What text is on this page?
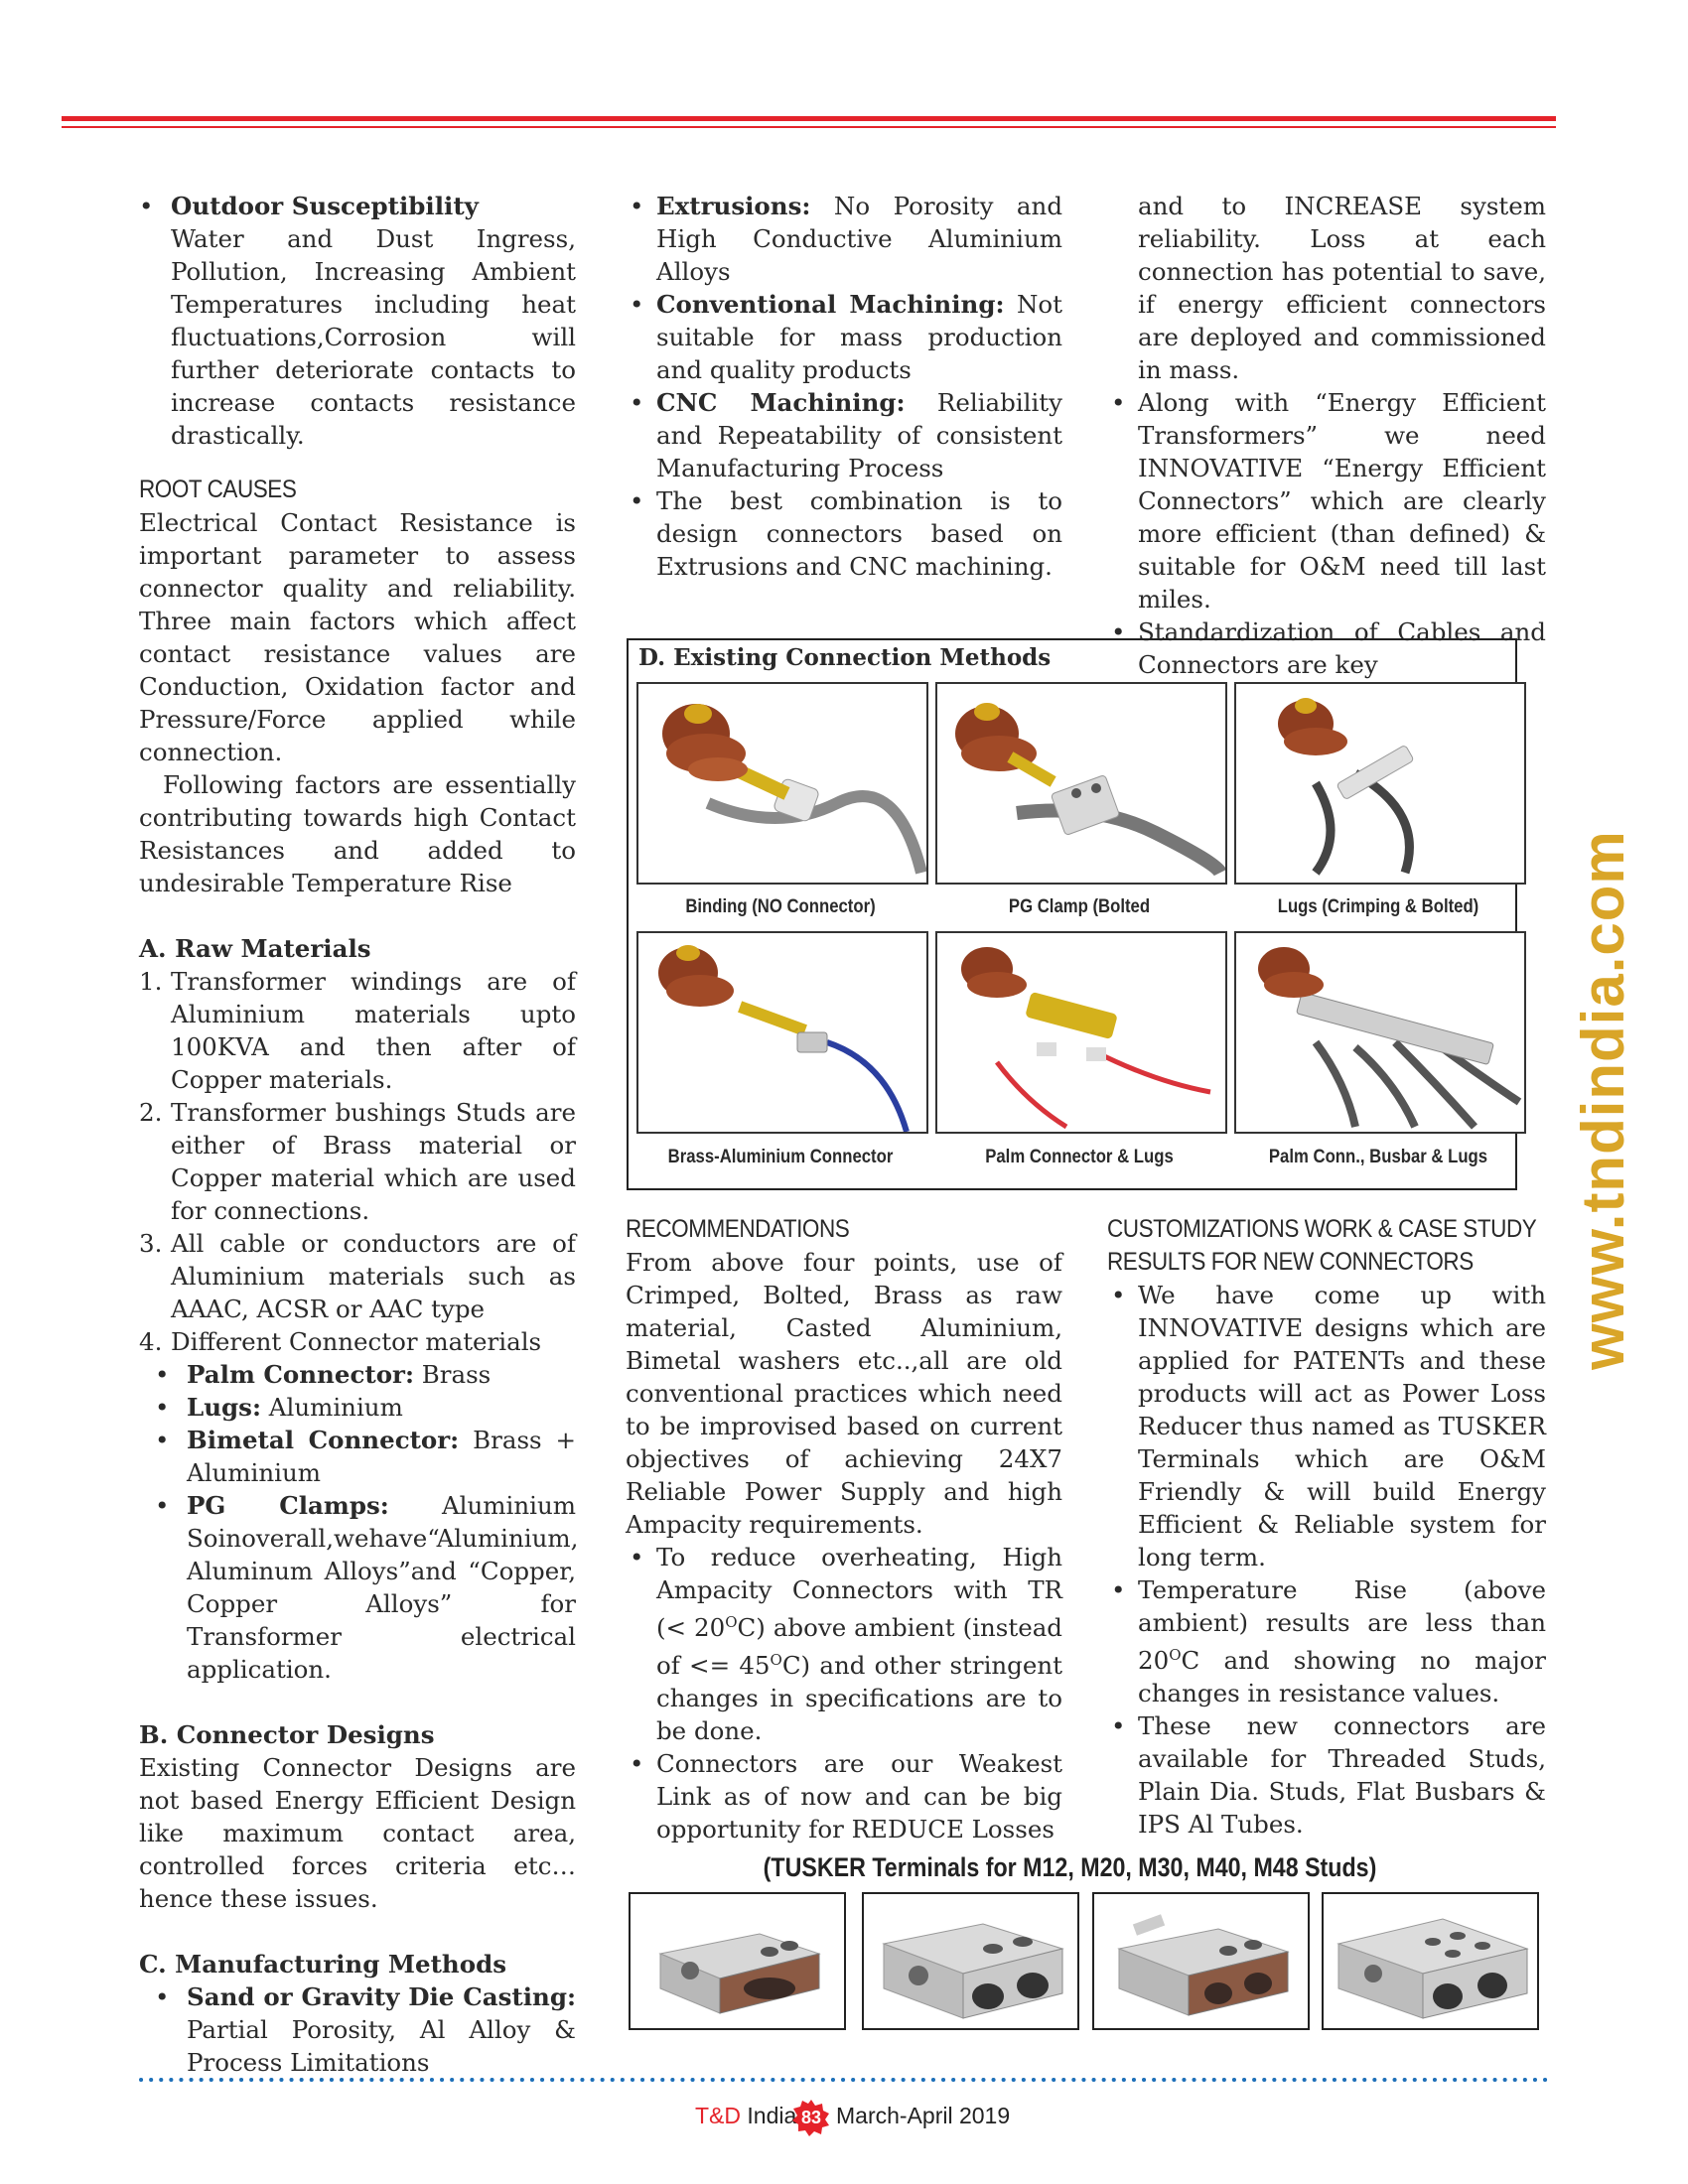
• Outdoor Susceptibility
Water and Dust Ingress, Pollution, Increasing Ambient Temperatures including heat fluctuations,Corrosion will further deteriorate contacts to increase contacts resistance drastically.
ROOT CAUSES

Electrical Contact Resistance is important parameter to assess connector quality and reliability. Three main factors which affect contact resistance values are Conduction, Oxidation factor and Pressure/Force applied while connection.

Following factors are essentially contributing towards high Contact Resistances and added to undesirable Temperature Rise

A. Raw Materials
1. Transformer windings are of Aluminium materials upto 100KVA and then after of Copper materials.
2. Transformer bushings Studs are either of Brass material or Copper material which are used for connections.
3. All cable or conductors are of Aluminium materials such as AAAC, ACSR or AAC type
4. Different Connector materials
• Palm Connector: Brass
• Lugs: Aluminium
• Bimetal Connector: Brass + Aluminium
• PG Clamps: Aluminium Soinoverall,wehave“Aluminium, Aluminum Alloys”and “Copper, Copper Alloys” for Transformer electrical application.
B. Connector Designs

Existing Connector Designs are not based Energy Efficient Design like maximum contact area, controlled forces criteria etc… hence these issues.

C. Manufacturing Methods
• Sand or Gravity Die Casting: Partial Porosity, Al Alloy & Process Limitations
• Extrusions: No Porosity and High Conductive Aluminium Alloys
• Conventional Machining: Not suitable for mass production and quality products
• CNC Machining: Reliability and Repeatability of consistent Manufacturing Process
• The best combination is to design connectors based on Extrusions and CNC machining.

and to INCREASE system reliability. Loss at each connection has potential to save, if energy efficient connectors are deployed and commissioned in mass.

• Along with “Energy Efficient Transformers” we need INNOVATIVE “Energy Efficient Connectors” which are clearly more efficient (than defined) & suitable for O&M need till last miles.
• Standardization of Cables and Connectors are key
D. Existing Connection Methods
Binding (NO Connector)	PG Clamp (Bolted	Lugs (Crimping & Bolted)
Brass-Aluminium Connector	Palm Connector & Lugs	Palm Conn., Busbar & Lugs
RECOMMENDATIONS

From above four points, use of Crimped, Bolted, Brass as raw material, Casted Aluminium, Bimetal washers etc..,all are old conventional practices which need to be improvised based on current objectives of achieving 24X7 Reliable Power Supply and high Ampacity requirements.

• To reduce overheating, High Ampacity Connectors with TR (< $20^OC$) above ambient (instead of <= $45^OC$) and other stringent changes in specifications are to be done.
• Connectors are our Weakest Link as of now and can be big opportunity for REDUCE Losses
CUSTOMIZATIONS WORK & CASE STUDY
RESULTS FOR NEW CONNECTORS
• We have come up with INNOVATIVE designs which are applied for PATENTs and these products will act as Power Loss Reducer thus named as TUSKER Terminals which are O&M Friendly & will build Energy Efficient & Reliable system for long term.
• Temperature Rise (above ambient) results are less than $20^OC$ and showing no major changes in resistance values.
• These new connectors are available for Threaded Studs, Plain Dia. Studs, Flat Busbars & IPS Al Tubes.
(TUSKER Terminals for M12, M20, M30, M40, M48 Studs)
T&D India 83 March-April 2019
www.tndindia.com
